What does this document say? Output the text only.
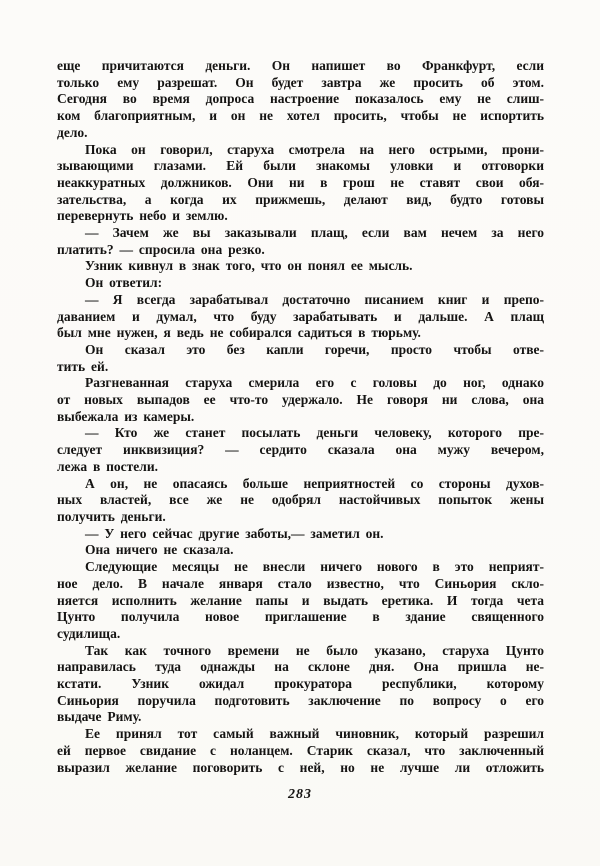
еще причитаются деньги. Он напишет во Франкфурт, если
только ему разрешат. Он будет завтра же просить об этом.
Сегодня во время допроса настроение показалось ему не слиш-
ком благоприятным, и он не хотел просить, чтобы не испортить
дело.
Пока он говорил, старуха смотрела на него острыми, прони-
зывающими глазами. Ей были знакомы уловки и отговорки
неаккуратных должников. Они ни в грош не ставят свои обя-
зательства, а когда их прижмешь, делают вид, будто готовы
перевернуть небо и землю.
— Зачем же вы заказывали плащ, если вам нечем за него
платить? — спросила она резко.
Узник кивнул в знак того, что он понял ее мысль.
Он ответил:
— Я всегда зарабатывал достаточно писанием книг и препо-
даванием и думал, что буду зарабатывать и дальше. А плащ
был мне нужен, я ведь не собирался садиться в тюрьму.
Он сказал это без капли горечи, просто чтобы отве-
тить ей.
Разгневанная старуха смерила его с головы до ног, однако
от новых выпадов ее что-то удержало. Не говоря ни слова, она
выбежала из камеры.
— Кто же станет посылать деньги человеку, которого пре-
следует инквизиция? — сердито сказала она мужу вечером,
лежа в постели.
А он, не опасаясь больше неприятностей со стороны духов-
ных властей, все же не одобрял настойчивых попыток жены
получить деньги.
— У него сейчас другие заботы,— заметил он.
Она ничего не сказала.
Следующие месяцы не внесли ничего нового в это неприят-
ное дело. В начале января стало известно, что Синьория скло-
няется исполнить желание папы и выдать еретика. И тогда чета
Цунто получила новое приглашение в здание священного
судилища.
Так как точного времени не было указано, старуха Цунто
направилась туда однажды на склоне дня. Она пришла не-
кстати. Узник ожидал прокуратора республики, которому
Синьория поручила подготовить заключение по вопросу о его
выдаче Риму.
Ее принял тот самый важный чиновник, который разрешил
ей первое свидание с ноланцем. Старик сказал, что заключенный
выразил желание поговорить с ней, но не лучше ли отложить
283
